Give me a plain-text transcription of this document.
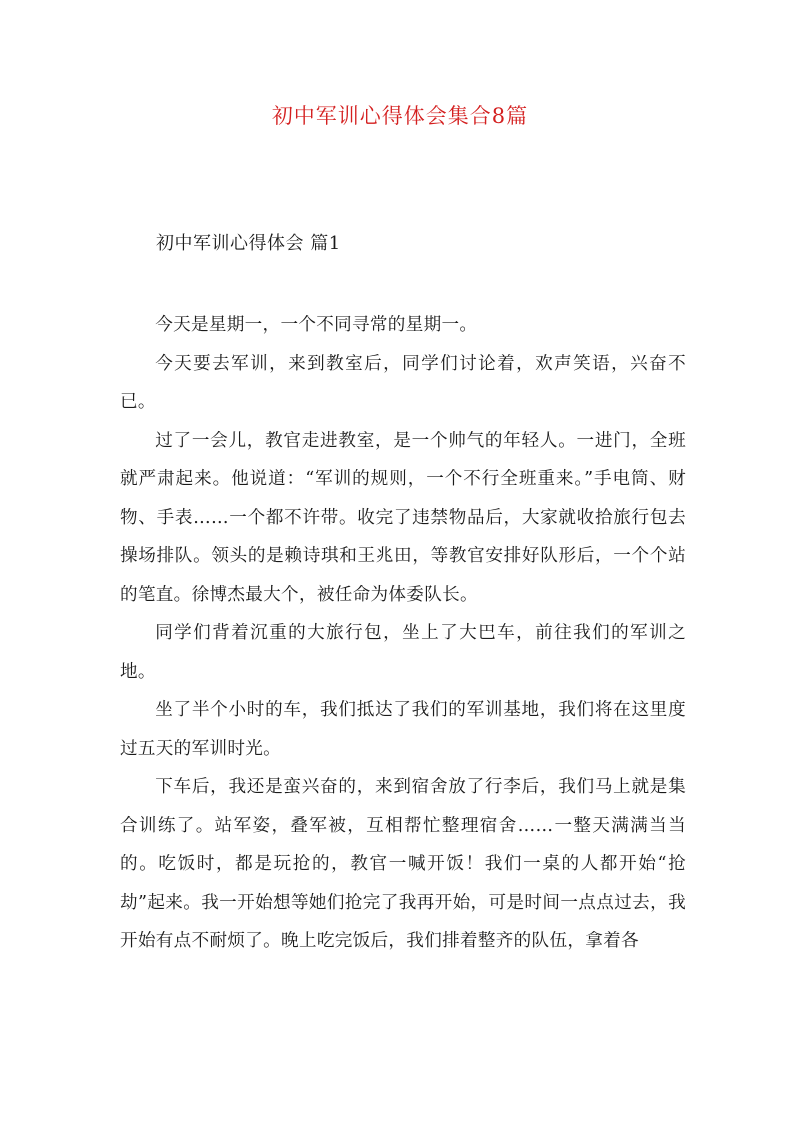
初中军训心得体会集合8篇
初中军训心得体会 篇1

今天是星期一，一个不同寻常的星期一。

今天要去军训，来到教室后，同学们讨论着，欢声笑语，兴奋不已。

过了一会儿，教官走进教室，是一个帅气的年轻人。一进门，全班就严肃起来。他说道：“军训的规则，一个不行全班重来。”手电筒、财物、手表……一个都不许带。收完了违禁物品后，大家就收拾旅行包去操场排队。领头的是赖诗琪和王兆田，等教官安排好队形后，一个个站的笔直。徐博杰最大个，被任命为体委队长。

同学们背着沉重的大旅行包，坐上了大巴车，前往我们的军训之地。

坐了半个小时的车，我们抵达了我们的军训基地，我们将在这里度过五天的军训时光。

下车后，我还是蛮兴奋的，来到宿舍放了行李后，我们马上就是集合训练了。站军姿，叠军被，互相帮忙整理宿舍……一整天满满当当的。吃饭时，都是玩抢的，教官一喊开饭！我们一桌的人都开始“抢劫”起来。我一开始想等她们抢完了我再开始，可是时间一点点过去，我开始有点不耐烦了。晚上吃完饭后，我们排着整齐的队伍，拿着各
